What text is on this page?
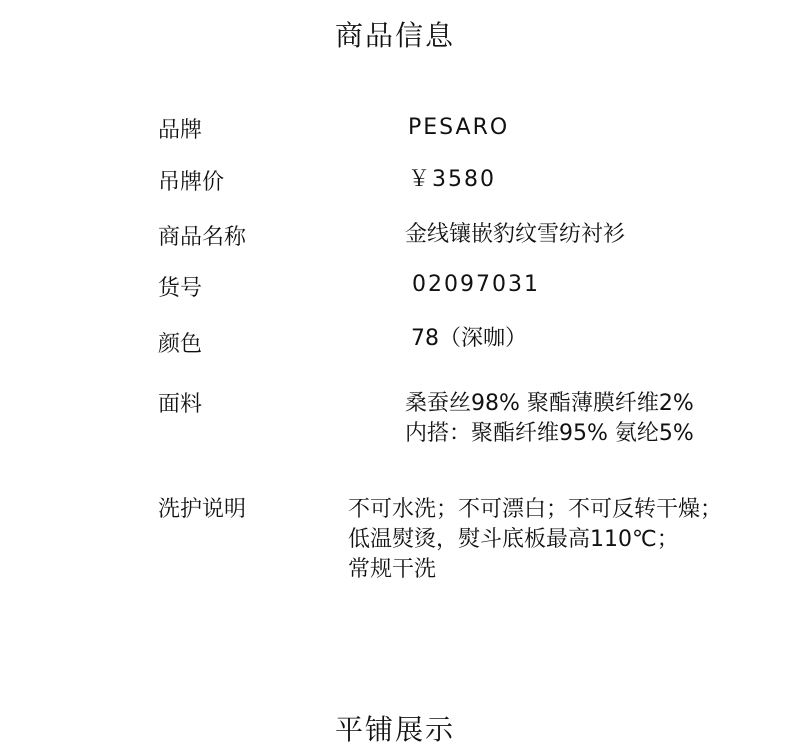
商品信息
品牌	PESARO
吊牌价	￥3580
商品名称	金线镶嵌豹纹雪纺衬衫
货号	02097031
颜色	78（深咖）
面料	桑蚕丝98% 聚酯薄膜纤维2%
内搭：聚酯纤维95% 氨纶5%
洗护说明	不可水洗；不可漂白；不可反转干燥；
低温熨烫，熨斗底板最高110℃；
常规干洗
平铺展示
